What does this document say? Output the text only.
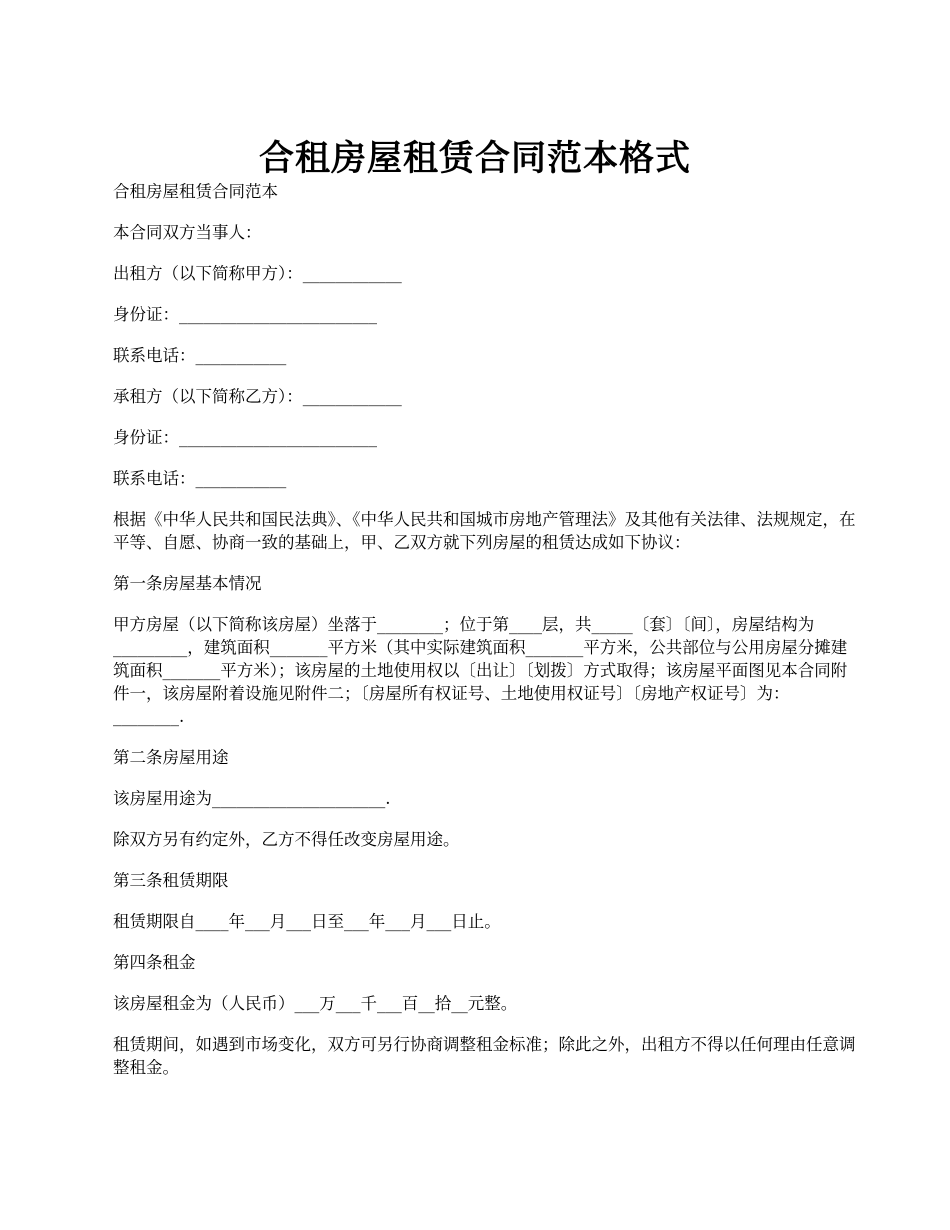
合租房屋租赁合同范本格式

合租房屋租赁合同范本

本合同双方当事人：

出租方（以下简称甲方）：____________

身份证：________________________

联系电话：___________

承租方（以下简称乙方）：____________

身份证：________________________

联系电话：___________

根据《中华人民共和国民法典》、《中华人民共和国城市房地产管理法》及其他有关法律、法规规定，在平等、自愿、协商一致的基础上，甲、乙双方就下列房屋的租赁达成如下协议：

第一条房屋基本情况

甲方房屋（以下简称该房屋）坐落于________；位于第____层，共_____〔套〕〔间〕，房屋结构为_________，建筑面积_______平方米（其中实际建筑面积_______平方米，公共部位与公用房屋分摊建筑面积_______平方米）；该房屋的土地使用权以〔出让〕〔划拨〕方式取得；该房屋平面图见本合同附件一，该房屋附着设施见附件二；〔房屋所有权证号、土地使用权证号〕〔房地产权证号〕为：________.

第二条房屋用途

该房屋用途为_____________________.

除双方另有约定外，乙方不得任改变房屋用途。

第三条租赁期限

租赁期限自____年___月___日至___年___月___日止。

第四条租金

该房屋租金为（人民币）___万___千___百__拾__元整。

租赁期间，如遇到市场变化，双方可另行协商调整租金标准；除此之外，出租方不得以任何理由任意调整租金。
